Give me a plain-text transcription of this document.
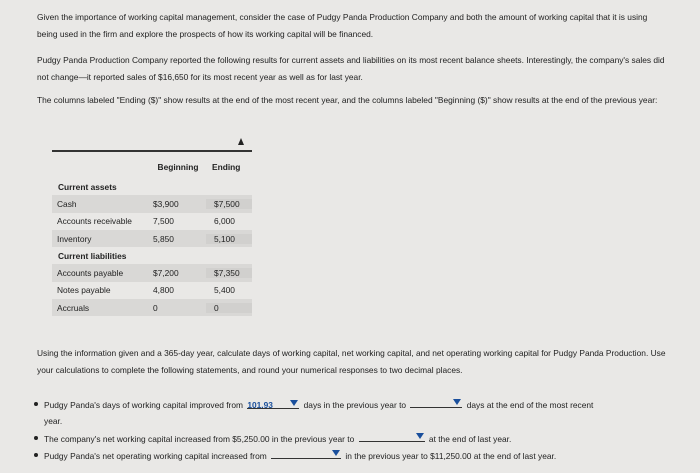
Given the importance of working capital management, consider the case of Pudgy Panda Production Company and both the amount of working capital that it is using being used in the firm and explore the prospects of how its working capital will be financed.
Pudgy Panda Production Company reported the following results for current assets and liabilities on its most recent balance sheets. Interestingly, the company's sales did not change—it reported sales of $16,650 for its most recent year as well as for last year.
The columns labeled "Ending ($)" show results at the end of the most recent year, and the columns labeled "Beginning ($)" show results at the end of the previous year:
Beginning	Ending
Current assets
Cash	$3,900	$7,500
Accounts receivable	7,500	6,000
Inventory	5,850	5,100
Current liabilities
Accounts payable	$7,200	$7,350
Notes payable	4,800	5,400
Accruals	0	0
Using the information given and a 365-day year, calculate days of working capital, net working capital, and net operating working capital for Pudgy Panda Production. Use your calculations to complete the following statements, and round your numerical responses to two decimal places.
Pudgy Panda's days of working capital improved from 101.93	days in the previous year to	days at the end of the most recent
year.
The company's net working capital increased from $5,250.00 in the previous year to	at the end of last year.
Pudgy Panda's net operating working capital increased from	in the previous year to $11,250.00 at the end of last year.
